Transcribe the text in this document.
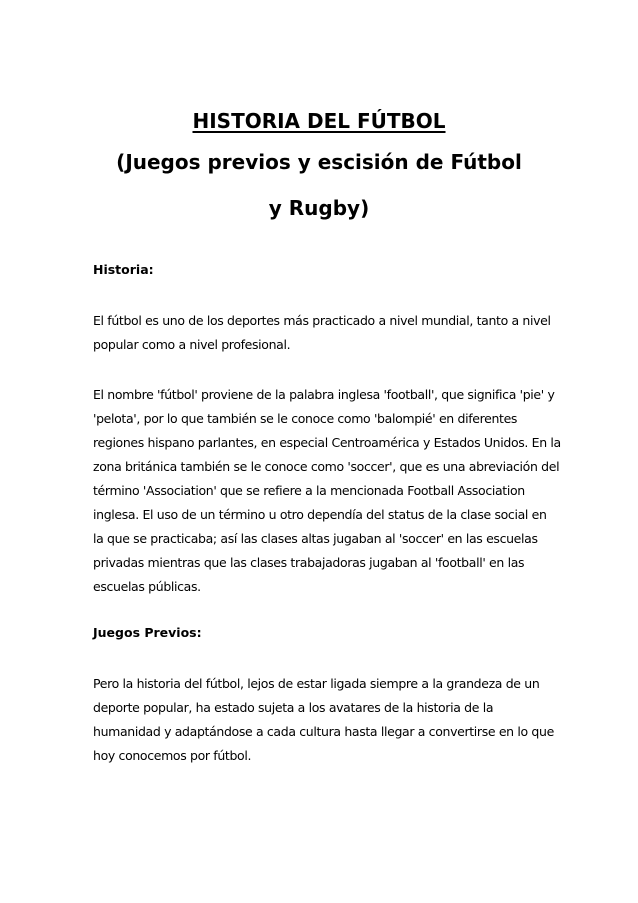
HISTORIA DEL FÚTBOL
(Juegos previos y escisión de Fútbol
y Rugby)

Historia:

El fútbol es uno de los deportes más practicado a nivel mundial, tanto a nivel
popular como a nivel profesional.

El nombre 'fútbol' proviene de la palabra inglesa 'football', que significa 'pie' y
'pelota', por lo que también se le conoce como 'balompié' en diferentes
regiones hispano parlantes, en especial Centroamérica y Estados Unidos. En la
zona británica también se le conoce como 'soccer', que es una abreviación del
término 'Association' que se refiere a la mencionada Football Association
inglesa. El uso de un término u otro dependía del status de la clase social en
la que se practicaba; así las clases altas jugaban al 'soccer' en las escuelas
privadas mientras que las clases trabajadoras jugaban al 'football' en las
escuelas públicas.

Juegos Previos:

Pero la historia del fútbol, lejos de estar ligada siempre a la grandeza de un
deporte popular, ha estado sujeta a los avatares de la historia de la
humanidad y adaptándose a cada cultura hasta llegar a convertirse en lo que
hoy conocemos por fútbol.
